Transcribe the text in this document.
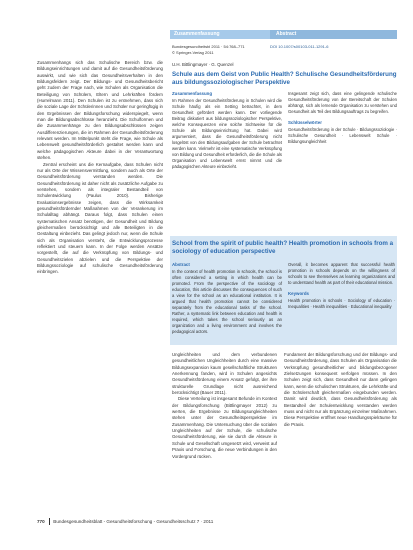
Zusammenhangs sich das Schulische Bereich bzw. die Bildungseinrichtungen und damit auf die Gesundheitsförderung auswirkt, und wie sich das Gesundheitsverhalten in den Bildungsfeldern zeigt. Der Bildungs- und Gesundheitsbericht geht zudem der Frage nach, wie Schulen als Organisation die Beteiligung von Schülern, Eltern und Lehrkräften fördern (Hurrelmann 2011). Den Schulen ist zu entnehmen, dass sich die soziale Lage der Schülerinnen und Schüler nur geringfügig in den Ergebnissen der Bildungsforschung widerspiegelt, wenn man die Bildungsabschlüsse heranzieht. Die Schulformen und die Zusammenhänge zu den Bildungsabschlüssen zeigen Ausdifferenzierungen, die im Rahmen der Gesundheitsförderung relevant werden. Im Mittelpunkt steht die Frage, wie Schule als Lebenswelt gesundheitsförderlich gestaltet werden kann und welche pädagogischen Akteure dabei in der Verantwortung stehen.

Zentral erscheint uns die Kernaufgabe, dass Schulen nicht nur als Orte der Wissensvermittlung, sondern auch als Orte der Gesundheitsförderung verstanden werden. Die Gesundheitsförderung ist daher nicht als zusätzliche Aufgabe zu verstehen, sondern als integraler Bestandteil von Schulentwicklung (Paulus 2010). Bisherige Evaluationsergebnisse zeigen, dass die Wirksamkeit gesundheitsfördernder Maßnahmen von der Verankerung im Schulalltag abhängt. Daraus folgt, dass Schulen einen systematischen Ansatz benötigen, der Gesundheit und Bildung gleichermaßen berücksichtigt und alle Beteiligten in die Gestaltung einbezieht. Das gelingt jedoch nur, wenn die Schule sich als Organisation versteht, die Entwicklungsprozesse reflektiert und steuern kann. In der Folge werden Ansätze vorgestellt, die auf die Verknüpfung von Bildungs- und Gesundheitszielen abzielen und die Perspektive der Bildungssoziologie auf schulische Gesundheitsförderung einbringen.

Zusammenfassung	Abstract
Bundesgesundheitsbl 2011 · 54:768–771
© Springer-Verlag 2011
DOI 10.1007/s00103-011-1291-6
U.H. Bittlingmayer · G. Quenzel
Schule aus dem Geist von Public Health? Schulische Gesundheitsförderung aus bildungssoziologischer Perspektive
Zusammenfassung
Im Rahmen der Gesundheitsförderung in Schulen wird die Schule häufig als ein Setting betrachtet, in dem Gesundheit gefördert werden kann. Der vorliegende Beitrag diskutiert aus bildungssoziologischer Perspektive, welche Konsequenzen eine solche Sichtweise für die Schule als Bildungseinrichtung hat. Dabei wird argumentiert, dass die Gesundheitsförderung nicht losgelöst von den Bildungsaufgaben der Schule betrachtet werden kann. Vielmehr ist eine systematische Verknüpfung von Bildung und Gesundheit erforderlich, die die Schule als Organisation und Lebenswelt ernst nimmt und die pädagogischen Akteure einbezieht.
Insgesamt zeigt sich, dass eine gelingende schulische Gesundheitsförderung von der Bereitschaft der Schulen abhängt, sich als lernende Organisation zu verstehen und Gesundheit als Teil des Bildungsauftrags zu begreifen.
Schlüsselwörter
Gesundheitsförderung in der Schule · Bildungssoziologie · Schulische Gesundheit · Lebenswelt Schule · Bildungsungleichheit
School from the spirit of public health? Health promotion in schools from a sociology of education perspective
Abstract
In the context of health promotion in schools, the school is often considered a setting in which health can be promoted. From the perspective of the sociology of education, this article discusses the consequences of such a view for the school as an educational institution. It is argued that health promotion cannot be considered separately from the educational tasks of the school. Rather, a systematic link between education and health is required, which takes the school seriously as an organization and a living environment and involves the pedagogical actors.
Overall, it becomes apparent that successful health promotion in schools depends on the willingness of schools to see themselves as learning organizations and to understand health as part of their educational mission.
Keywords
Health promotion in schools · Sociology of education · Inequalities · Health inequalities · Educational inequality

Ungleichheiten und dem verbundenen gesundheitlichen Ungleichheiten durch eine massive Bildungsexpansion kaum gesellschaftliche Strukturen Anerkennung fanden, wird in Schulen angesichts Gesundheitsförderung einem Ansatz gefolgt, der ihre strukturelle Grundlage nicht ausreichend berücksichtigt (Bauer 2011).

Diese Verteilung ist insgesamt Befunde im Kontext der Bildungsforschung (Bittlingmayer 2012) zu werten, die Ergebnisse zu Bildungsungleichheiten stehen unter der Gesundheitsperspektive im Zusammenhang. Die Untersuchung über die sozialen Ungleichheiten auf der Schule, die schulische Gesundheitsförderung, wie sie durch die Akteure in Schule und Gesellschaft umgesetzt wird, verweist auf Praxis und Forschung, die neue Verbindungen in den Vordergrund rücken.

Fundament der Bildungsforschung und der Bildungs- und Gesundheitsförderung, dass Schulen als Organisation die Verknüpfung gesundheitlicher und bildungsbezogener Zielsetzungen konsequent verfolgen müssen. In den Schulen zeigt sich, dass Gesundheit nur dann gelingen kann, wenn die schulischen Strukturen, die Lehrkräfte und die Schülerschaft gleichermaßen eingebunden werden. Damit wird deutlich, dass Gesundheitsförderung als Bestandteil der Schulentwicklung verstanden werden muss und nicht nur als Ergänzung einzelner Maßnahmen. Diese Perspektive eröffnet neue Handlungsspielräume für die Praxis.

770 Bundesgesundheitsblatt - Gesundheitsforschung - Gesundheitsschutz 7 · 2011
